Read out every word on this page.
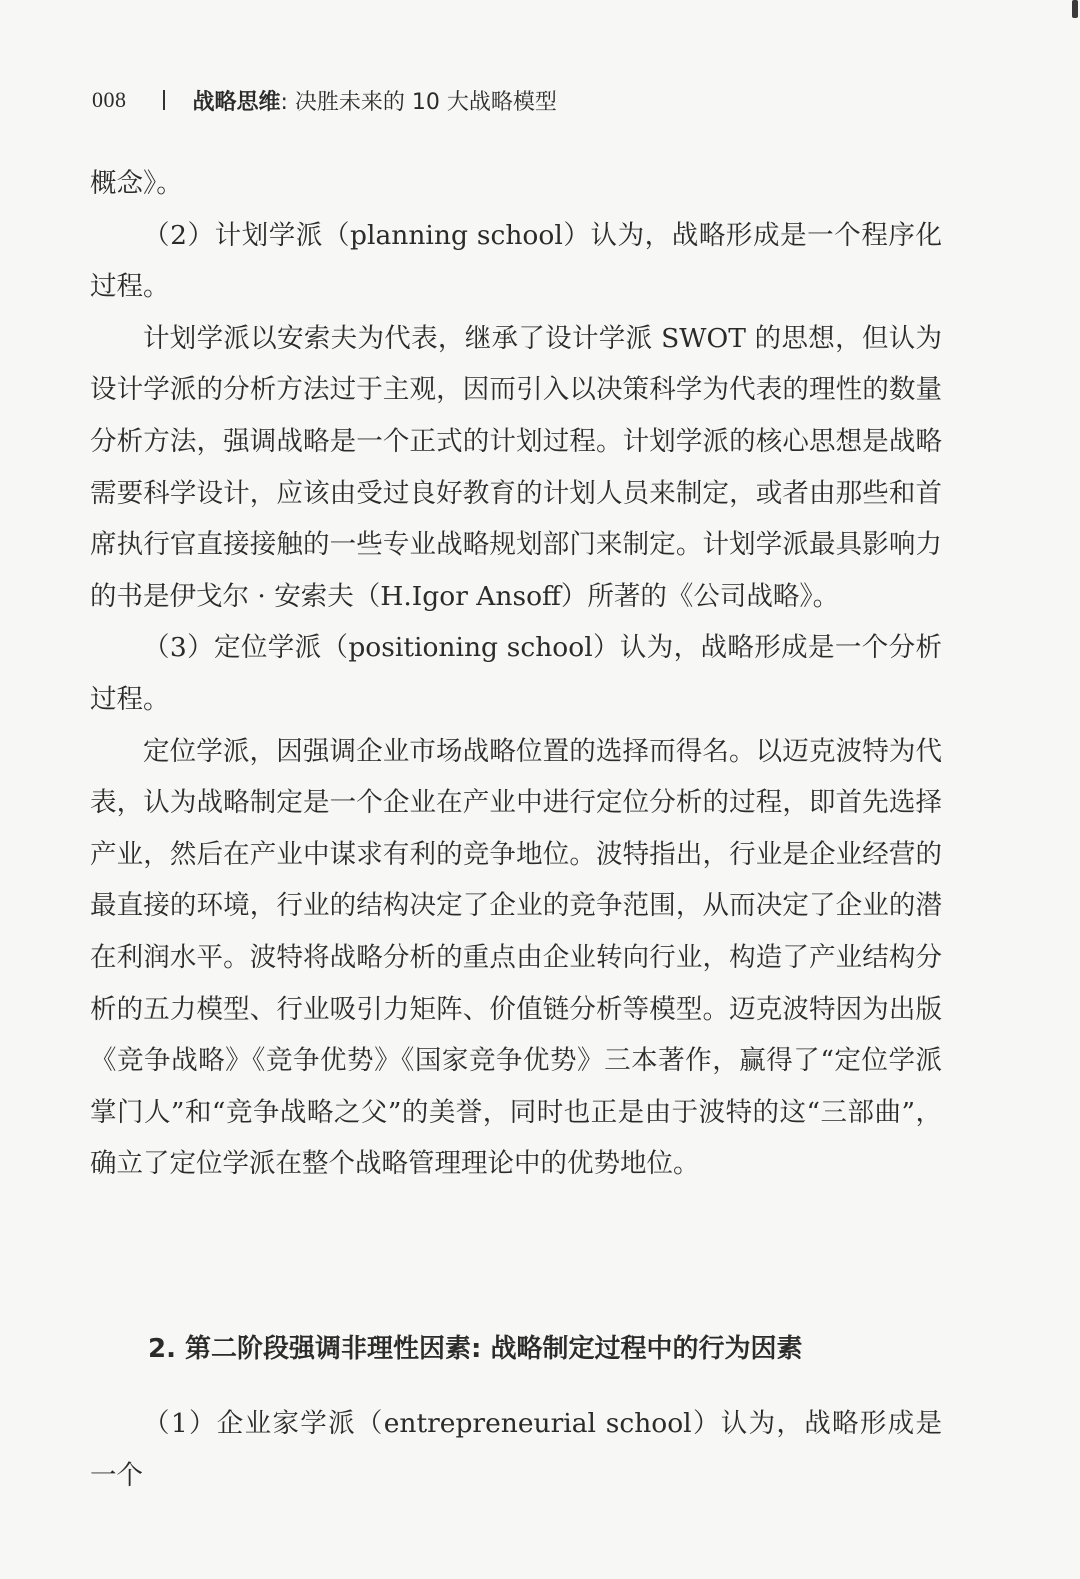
008	战略思维 : 决胜未来的 10 大战略模型

概念》。

（2）计划学派（planning school）认为，战略形成是一个程序化过程。

计划学派以安索夫为代表，继承了设计学派 SWOT 的思想，但认为设计学派的分析方法过于主观，因而引入以决策科学为代表的理性的数量分析方法，强调战略是一个正式的计划过程。计划学派的核心思想是战略需要科学设计，应该由受过良好教育的计划人员来制定，或者由那些和首席执行官直接接触的一些专业战略规划部门来制定。计划学派最具影响力的书是伊戈尔 · 安索夫（H.Igor Ansoff）所著的《公司战略》。

（3）定位学派（positioning school）认为，战略形成是一个分析过程。

定位学派，因强调企业市场战略位置的选择而得名。以迈克波特为代表，认为战略制定是一个企业在产业中进行定位分析的过程，即首先选择产业，然后在产业中谋求有利的竞争地位。波特指出，行业是企业经营的最直接的环境，行业的结构决定了企业的竞争范围，从而决定了企业的潜在利润水平。波特将战略分析的重点由企业转向行业，构造了产业结构分析的五力模型、行业吸引力矩阵、价值链分析等模型。迈克波特因为出版《竞争战略》《竞争优势》《国家竞争优势》三本著作，赢得了“定位学派掌门人”和“竞争战略之父”的美誉，同时也正是由于波特的这“三部曲”，确立了定位学派在整个战略管理理论中的优势地位。

2. 第二阶段强调非理性因素: 战略制定过程中的行为因素

（1）企业家学派（entrepreneurial school）认为，战略形成是一个
